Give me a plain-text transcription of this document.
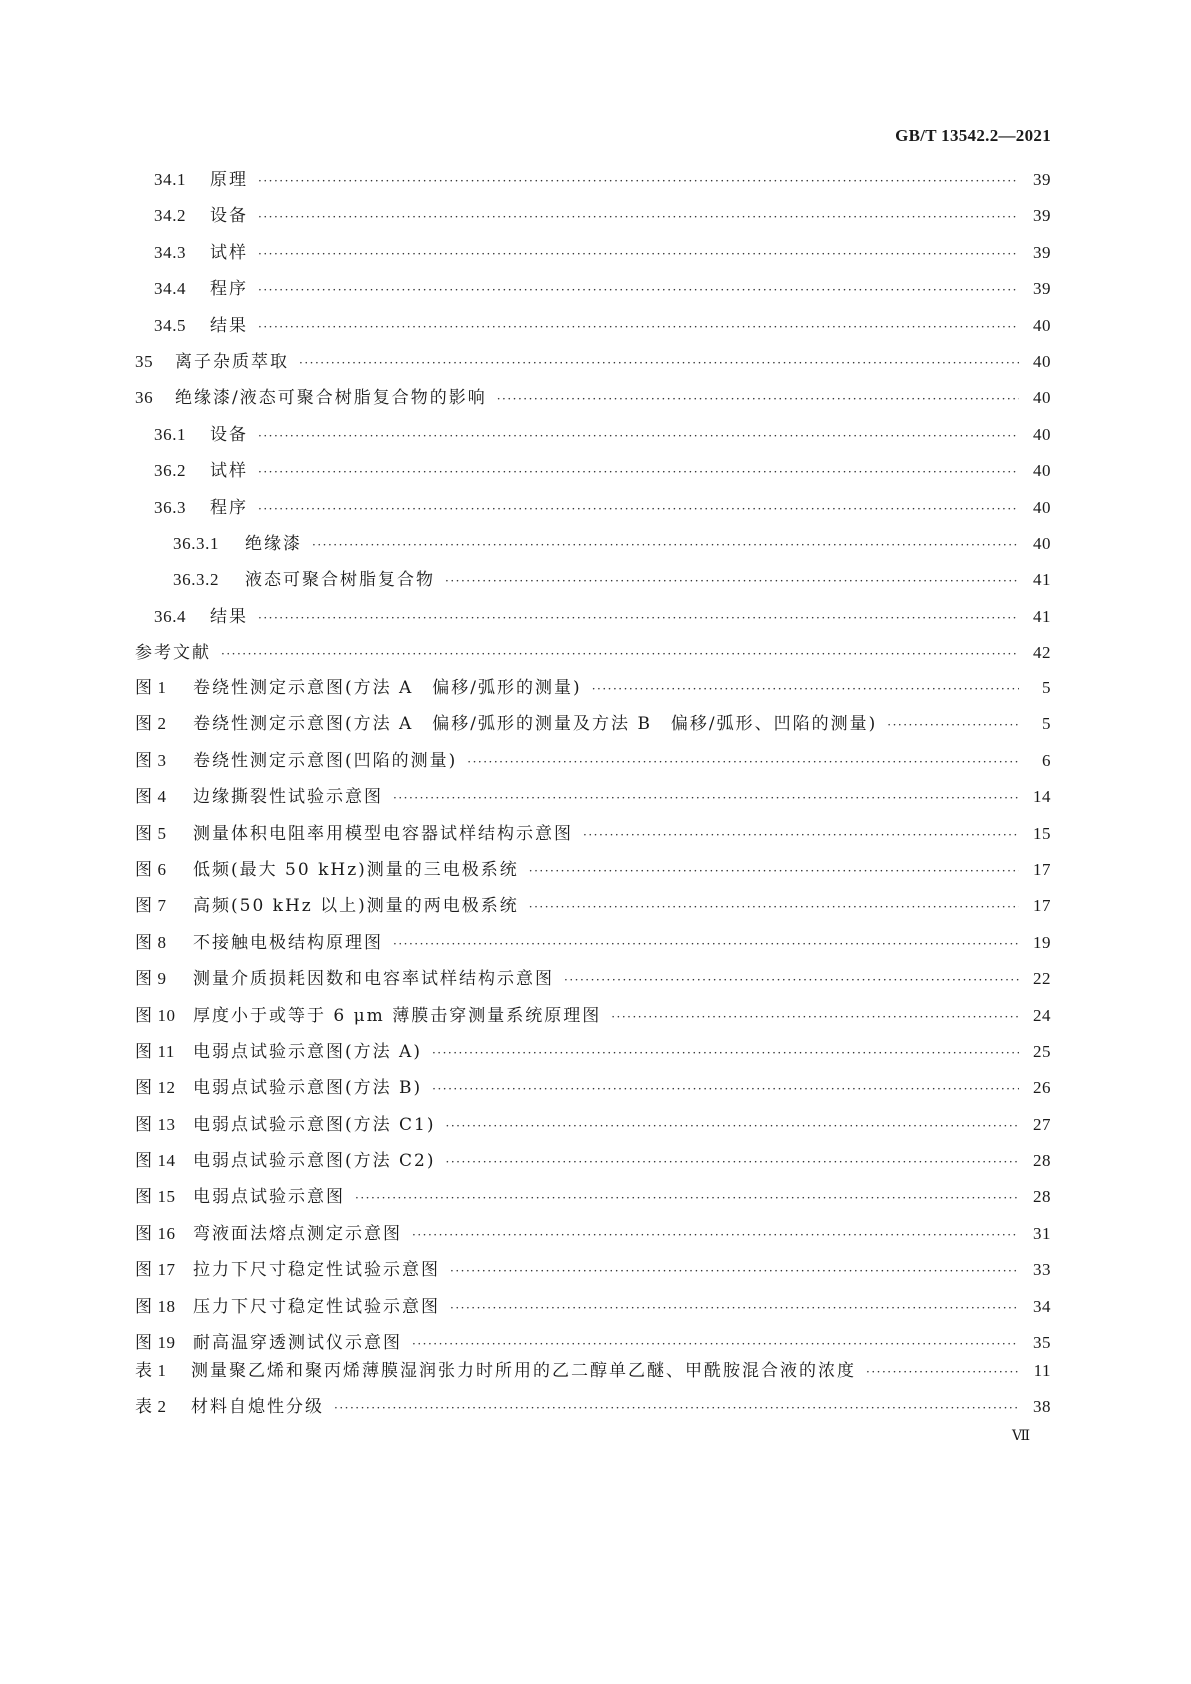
GB/T 13542.2—2021
34.1	原理 ·····	39
34.2	设备 ·····	39
34.3	试样 ·····	39
34.4	程序 ·····	39
34.5	结果 ·····	40
35	离子杂质萃取 ·····	40
36	绝缘漆/液态可聚合树脂复合物的影响 ·····	40
36.1	设备 ·····	40
36.2	试样 ·····	40
36.3	程序 ·····	40
36.3.1	绝缘漆 ·····	40
36.3.2	液态可聚合树脂复合物 ·····	41
36.4	结果 ·····	41
参考文献 ·····	42
图 1	卷绕性测定示意图(方法 A　偏移/弧形的测量) ·····	5
图 2	卷绕性测定示意图(方法 A　偏移/弧形的测量及方法 B　偏移/弧形、凹陷的测量) ·····	5
图 3	卷绕性测定示意图(凹陷的测量) ·····	6
图 4	边缘撕裂性试验示意图 ·····	14
图 5	测量体积电阻率用模型电容器试样结构示意图 ·····	15
图 6	低频(最大 50 kHz)测量的三电极系统 ·····	17
图 7	高频(50 kHz 以上)测量的两电极系统 ·····	17
图 8	不接触电极结构原理图 ·····	19
图 9	测量介质损耗因数和电容率试样结构示意图 ·····	22
图 10	厚度小于或等于 6 μm 薄膜击穿测量系统原理图 ·····	24
图 11	电弱点试验示意图(方法 A) ·····	25
图 12	电弱点试验示意图(方法 B) ·····	26
图 13	电弱点试验示意图(方法 C1) ·····	27
图 14	电弱点试验示意图(方法 C2) ·····	28
图 15	电弱点试验示意图 ·····	28
图 16	弯液面法熔点测定示意图 ·····	31
图 17	拉力下尺寸稳定性试验示意图 ·····	33
图 18	压力下尺寸稳定性试验示意图 ·····	34
图 19	耐高温穿透测试仪示意图 ·····	35
表 1	测量聚乙烯和聚丙烯薄膜湿润张力时所用的乙二醇单乙醚、甲酰胺混合液的浓度 ·····	11
表 2	材料自熄性分级 ·····	38
Ⅶ
